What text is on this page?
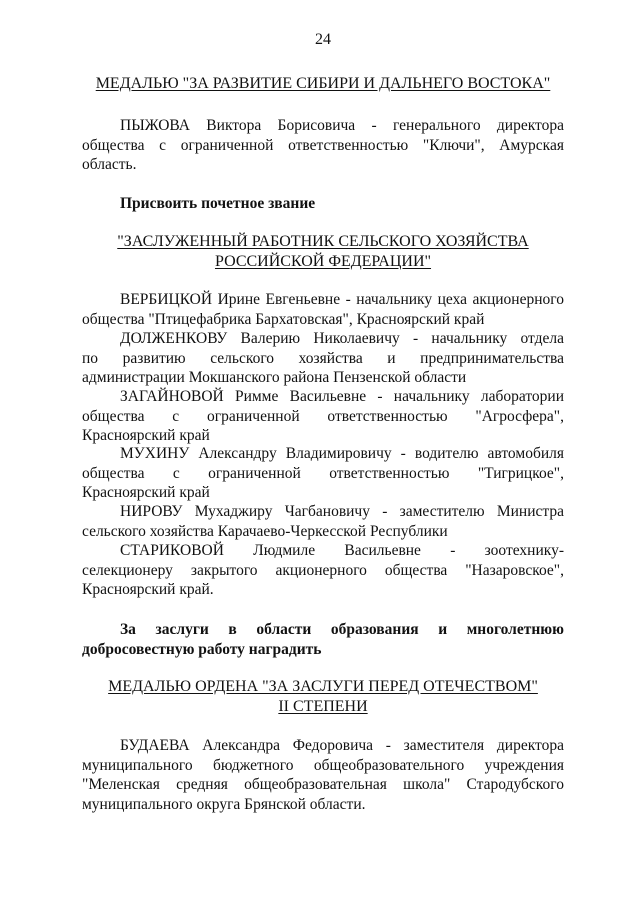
24
МЕДАЛЬЮ "ЗА РАЗВИТИЕ СИБИРИ И ДАЛЬНЕГО ВОСТОКА"
ПЫЖОВА Виктора Борисовича - генерального директора
общества с ограниченной ответственностью "Ключи", Амурская
область.
Присвоить почетное звание
"ЗАСЛУЖЕННЫЙ РАБОТНИК СЕЛЬСКОГО ХОЗЯЙСТВА
РОССИЙСКОЙ ФЕДЕРАЦИИ"
ВЕРБИЦКОЙ Ирине Евгеньевне - начальнику цеха акционерного
общества "Птицефабрика Бархатовская", Красноярский край
ДОЛЖЕНКОВУ Валерию Николаевичу - начальнику отдела
по развитию сельского хозяйства и предпринимательства
администрации Мокшанского района Пензенской области
ЗАГАЙНОВОЙ Римме Васильевне - начальнику лаборатории
общества с ограниченной ответственностью "Агросфера",
Красноярский край
МУХИНУ Александру Владимировичу - водителю автомобиля
общества с ограниченной ответственностью "Тигрицкое",
Красноярский край
НИРОВУ Мухаджиру Чагбановичу - заместителю Министра
сельского хозяйства Карачаево-Черкесской Республики
СТАРИКОВОЙ Людмиле Васильевне - зоотехнику-
селекционеру закрытого акционерного общества "Назаровское",
Красноярский край.
За заслуги в области образования и многолетнюю
добросовестную работу наградить
МЕДАЛЬЮ ОРДЕНА "ЗА ЗАСЛУГИ ПЕРЕД ОТЕЧЕСТВОМ"
II СТЕПЕНИ
БУДАЕВА Александра Федоровича - заместителя директора
муниципального бюджетного общеобразовательного учреждения
"Меленская средняя общеобразовательная школа" Стародубского
муниципального округа Брянской области.
